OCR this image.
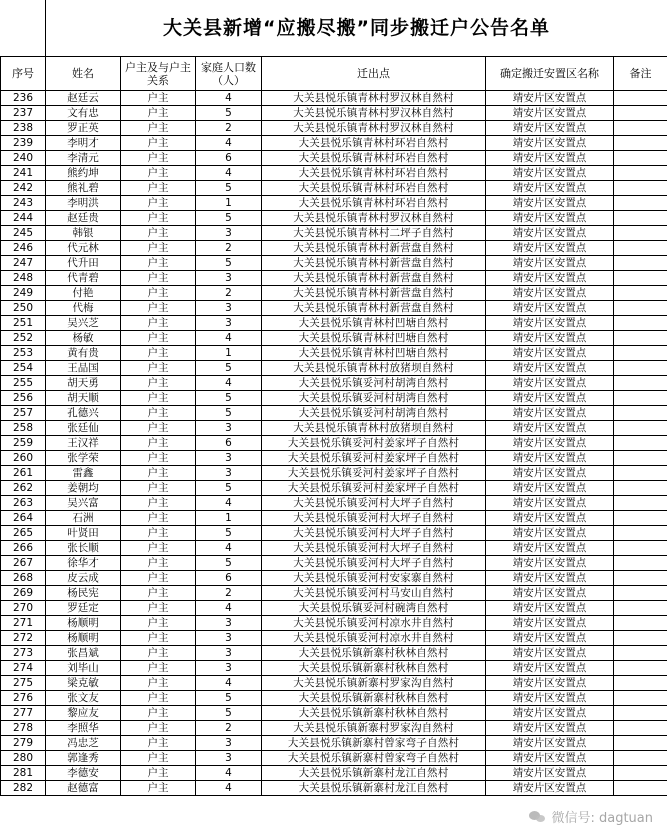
大关县新增“应搬尽搬”同步搬迁户公告名单
序号	姓名	户主及与户主关系	家庭人口数（人）	迁出点	确定搬迁安置区名称	备注
236	赵廷云	户主	4	大关县悦乐镇青林村罗汉林自然村	靖安片区安置点	
237	文有忠	户主	5	大关县悦乐镇青林村罗汉林自然村	靖安片区安置点	
238	罗正英	户主	2	大关县悦乐镇青林村罗汉林自然村	靖安片区安置点	
239	李明才	户主	4	大关县悦乐镇青林村环岩自然村	靖安片区安置点	
240	李清元	户主	6	大关县悦乐镇青林村环岩自然村	靖安片区安置点	
241	熊约坤	户主	4	大关县悦乐镇青林村环岩自然村	靖安片区安置点	
242	熊礼碧	户主	5	大关县悦乐镇青林村环岩自然村	靖安片区安置点	
243	李明洪	户主	1	大关县悦乐镇青林村环岩自然村	靖安片区安置点	
244	赵廷贵	户主	5	大关县悦乐镇青林村罗汉林自然村	靖安片区安置点	
245	韩银	户主	3	大关县悦乐镇青林村二坪子自然村	靖安片区安置点	
246	代元林	户主	2	大关县悦乐镇青林村新营盘自然村	靖安片区安置点	
247	代升田	户主	5	大关县悦乐镇青林村新营盘自然村	靖安片区安置点	
248	代青碧	户主	3	大关县悦乐镇青林村新营盘自然村	靖安片区安置点	
249	付艳	户主	2	大关县悦乐镇青林村新营盘自然村	靖安片区安置点	
250	代梅	户主	3	大关县悦乐镇青林村新营盘自然村	靖安片区安置点	
251	吴兴芝	户主	3	大关县悦乐镇青林村凹塘自然村	靖安片区安置点	
252	杨敏	户主	4	大关县悦乐镇青林村凹塘自然村	靖安片区安置点	
253	黄有贵	户主	1	大关县悦乐镇青林村凹塘自然村	靖安片区安置点	
254	王品国	户主	5	大关县悦乐镇青林村放猪坝自然村	靖安片区安置点	
255	胡天勇	户主	4	大关县悦乐镇妥河村胡湾自然村	靖安片区安置点	
256	胡天顺	户主	5	大关县悦乐镇妥河村胡湾自然村	靖安片区安置点	
257	孔德兴	户主	5	大关县悦乐镇妥河村胡湾自然村	靖安片区安置点	
258	张廷仙	户主	3	大关县悦乐镇青林村放猪坝自然村	靖安片区安置点	
259	王汉祥	户主	6	大关县悦乐镇妥河村姜家坪子自然村	靖安片区安置点	
260	张学荣	户主	3	大关县悦乐镇妥河村姜家坪子自然村	靖安片区安置点	
261	雷鑫	户主	3	大关县悦乐镇妥河村姜家坪子自然村	靖安片区安置点	
262	姜朝均	户主	5	大关县悦乐镇妥河村姜家坪子自然村	靖安片区安置点	
263	吴兴富	户主	4	大关县悦乐镇妥河村大坪子自然村	靖安片区安置点	
264	石洲	户主	1	大关县悦乐镇妥河村大坪子自然村	靖安片区安置点	
265	叶贤田	户主	5	大关县悦乐镇妥河村大坪子自然村	靖安片区安置点	
266	张长顺	户主	4	大关县悦乐镇妥河村大坪子自然村	靖安片区安置点	
267	徐华才	户主	5	大关县悦乐镇妥河村大坪子自然村	靖安片区安置点	
268	皮云成	户主	6	大关县悦乐镇妥河村安家寨自然村	靖安片区安置点	
269	杨民宪	户主	2	大关县悦乐镇妥河村马安山自然村	靖安片区安置点	
270	罗廷定	户主	4	大关县悦乐镇妥河村碗湾自然村	靖安片区安置点	
271	杨顺明	户主	3	大关县悦乐镇妥河村凉水井自然村	靖安片区安置点	
272	杨顺明	户主	3	大关县悦乐镇妥河村凉水井自然村	靖安片区安置点	
273	张昌斌	户主	3	大关县悦乐镇新寨村秋林自然村	靖安片区安置点	
274	刘毕山	户主	3	大关县悦乐镇新寨村秋林自然村	靖安片区安置点	
275	梁克敏	户主	4	大关县悦乐镇新寨村罗家沟自然村	靖安片区安置点	
276	张文友	户主	5	大关县悦乐镇新寨村秋林自然村	靖安片区安置点	
277	黎应友	户主	5	大关县悦乐镇新寨村秋林自然村	靖安片区安置点	
278	李照华	户主	2	大关县悦乐镇新寨村罗家沟自然村	靖安片区安置点	
279	冯忠芝	户主	3	大关县悦乐镇新寨村曾家弯子自然村	靖安片区安置点	
280	郭逢秀	户主	3	大关县悦乐镇新寨村曾家弯子自然村	靖安片区安置点	
281	李德安	户主	4	大关县悦乐镇新寨村龙江自然村	靖安片区安置点	
282	赵德富	户主	4	大关县悦乐镇新寨村龙江自然村	靖安片区安置点	
微信号: dagtuan
